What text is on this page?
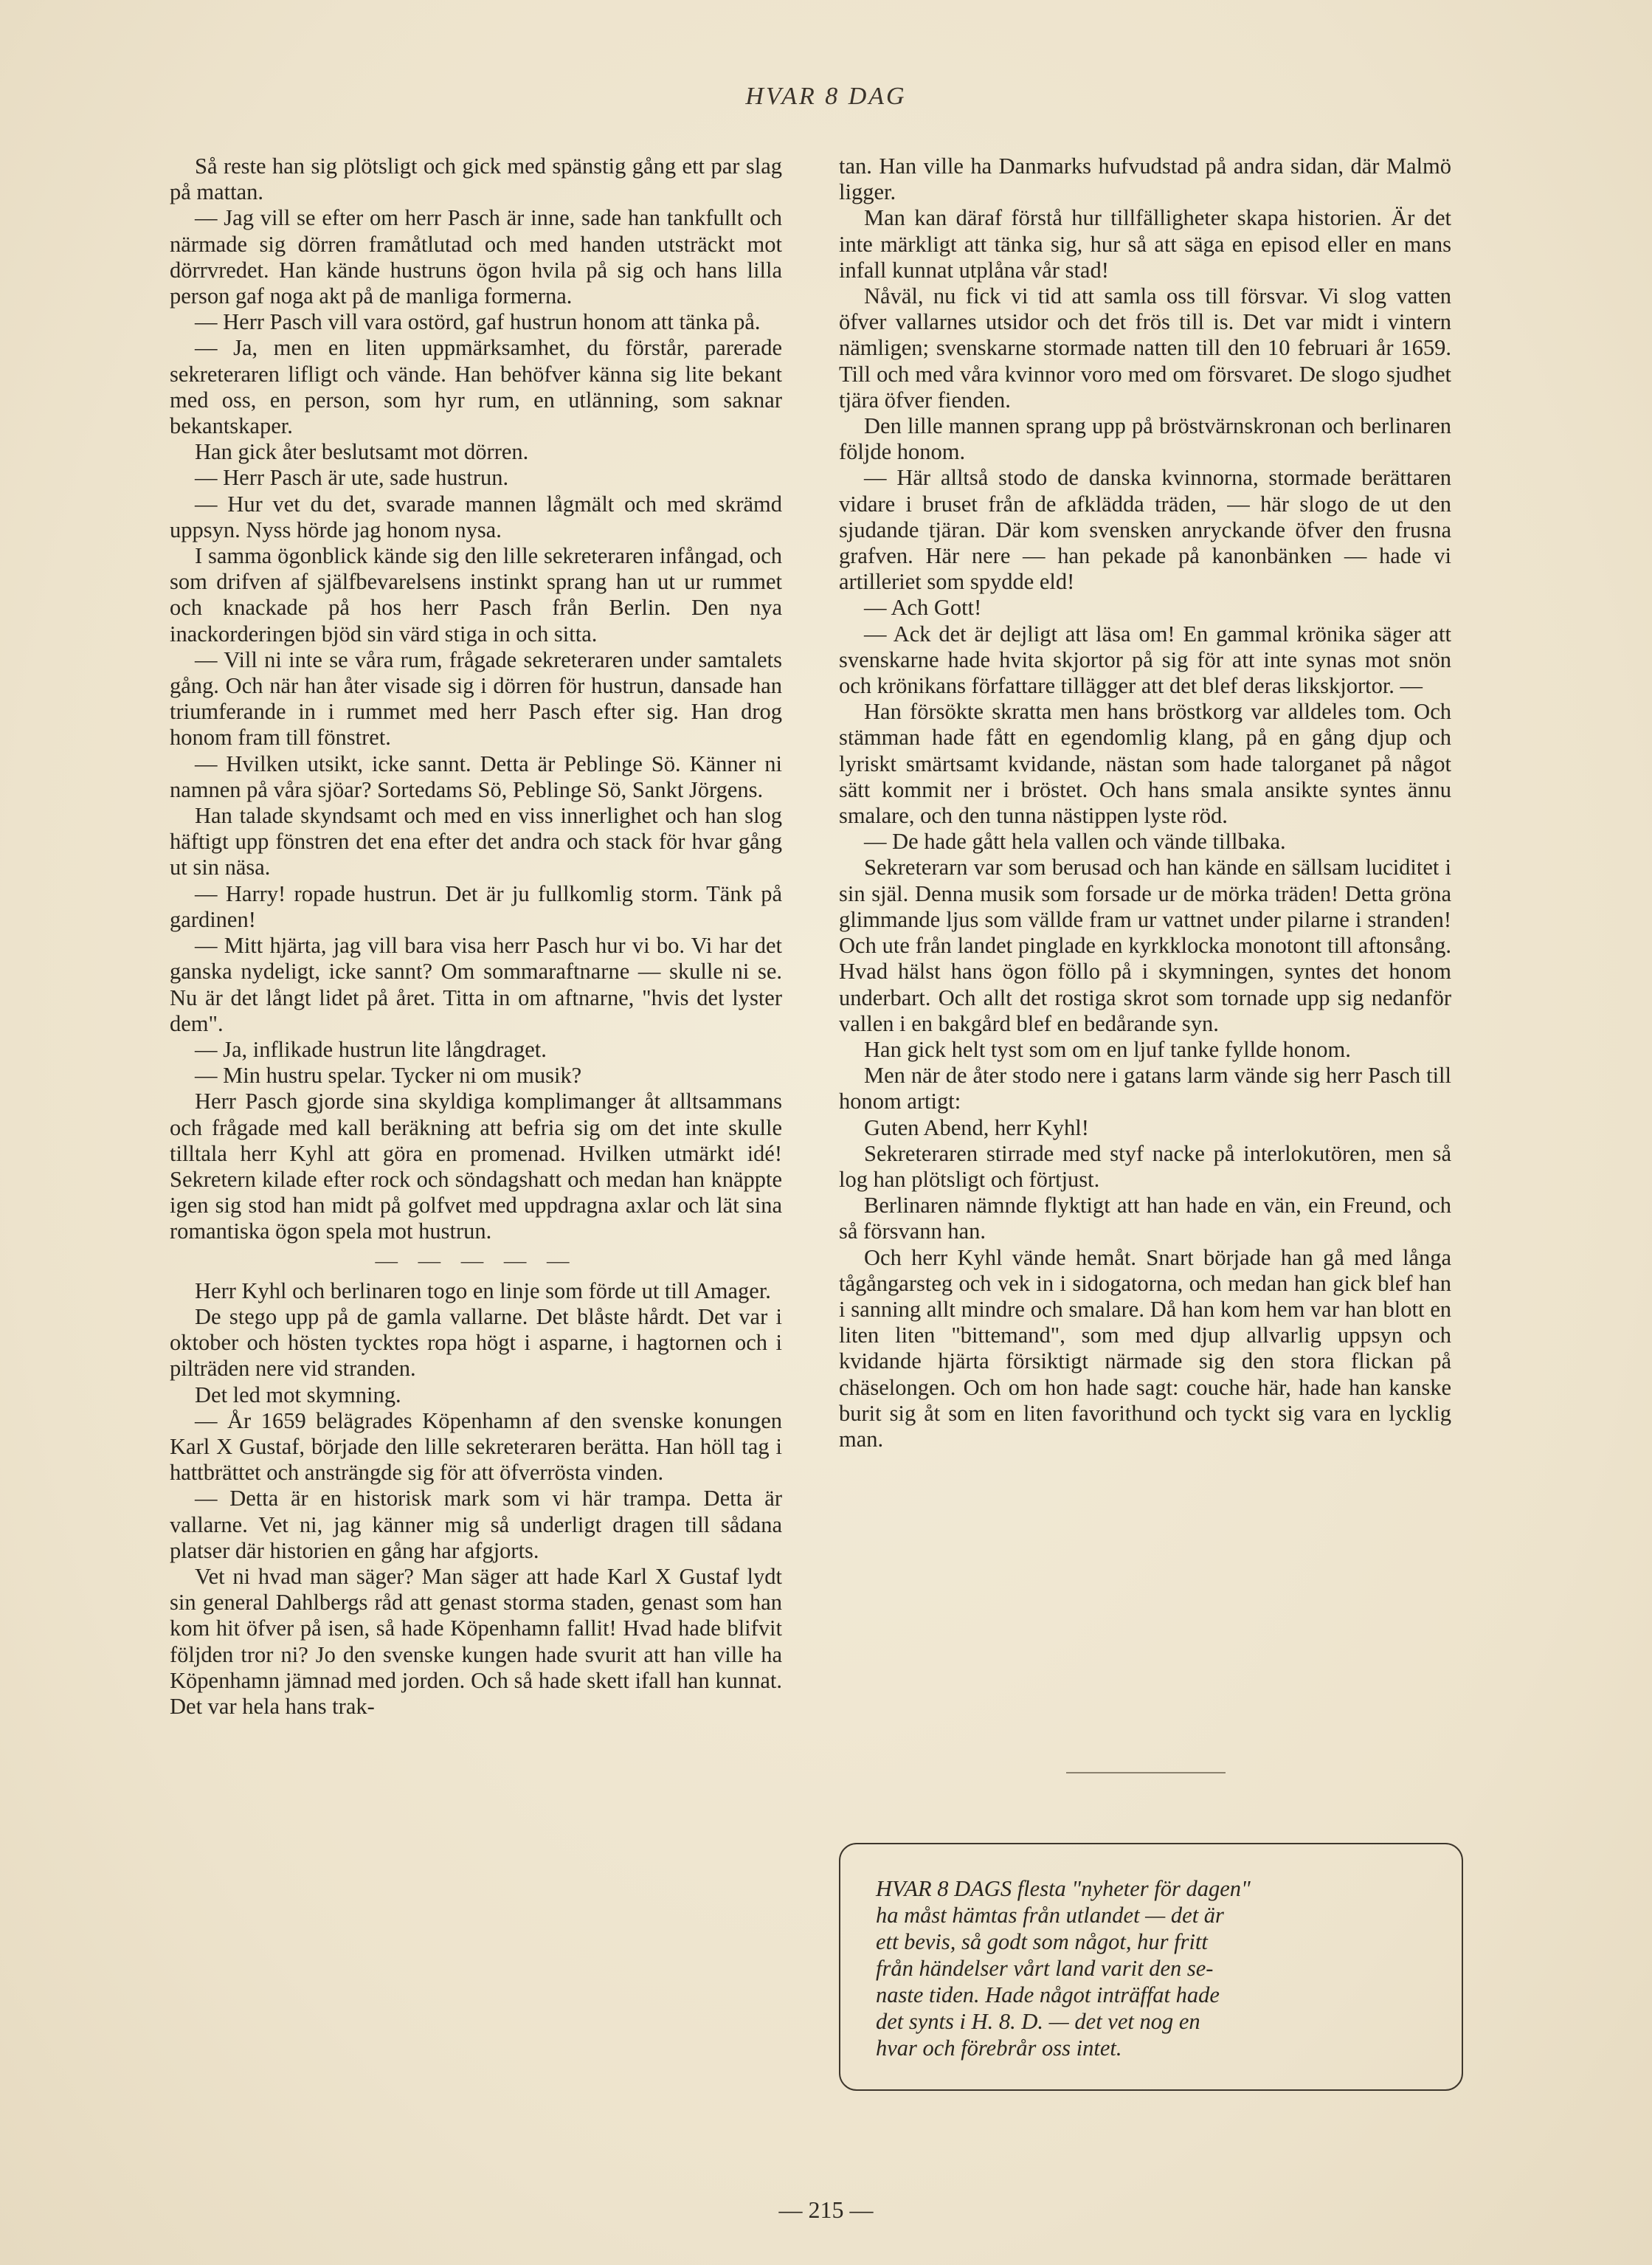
HVAR 8 DAG

Så reste han sig plötsligt och gick med spänstig gång ett par slag på mattan.

— Jag vill se efter om herr Pasch är inne, sade han tankfullt och närmade sig dörren framåtlutad och med handen utsträckt mot dörrvredet. Han kände hustruns ögon hvila på sig och hans lilla person gaf noga akt på de manliga formerna.

— Herr Pasch vill vara ostörd, gaf hustrun honom att tänka på.

— Ja, men en liten uppmärksamhet, du förstår, parerade sekreteraren lifligt och vände. Han behöfver känna sig lite bekant med oss, en person, som hyr rum, en utlänning, som saknar bekantskaper.

Han gick åter beslutsamt mot dörren.

— Herr Pasch är ute, sade hustrun.

— Hur vet du det, svarade mannen lågmält och med skrämd uppsyn. Nyss hörde jag honom nysa.

I samma ögonblick kände sig den lille sekreteraren infångad, och som drifven af själfbevarelsens instinkt sprang han ut ur rummet och knackade på hos herr Pasch från Berlin. Den nya inackorderingen bjöd sin värd stiga in och sitta.

— Vill ni inte se våra rum, frågade sekreteraren under samtalets gång. Och när han åter visade sig i dörren för hustrun, dansade han triumferande in i rummet med herr Pasch efter sig. Han drog honom fram till fönstret.

— Hvilken utsikt, icke sannt. Detta är Peblinge Sö. Känner ni namnen på våra sjöar? Sortedams Sö, Peblinge Sö, Sankt Jörgens.

Han talade skyndsamt och med en viss innerlighet och han slog häftigt upp fönstren det ena efter det andra och stack för hvar gång ut sin näsa.

— Harry! ropade hustrun. Det är ju fullkomlig storm. Tänk på gardinen!

— Mitt hjärta, jag vill bara visa herr Pasch hur vi bo. Vi har det ganska nydeligt, icke sannt? Om sommaraftnarne — skulle ni se. Nu är det långt lidet på året. Titta in om aftnarne, "hvis det lyster dem".

— Ja, inflikade hustrun lite långdraget.

— Min hustru spelar. Tycker ni om musik?

Herr Pasch gjorde sina skyldiga komplimanger åt alltsammans och frågade med kall beräkning att befria sig om det inte skulle tilltala herr Kyhl att göra en promenad. Hvilken utmärkt idé! Sekretern kilade efter rock och söndagshatt och medan han knäppte igen sig stod han midt på golfvet med uppdragna axlar och lät sina romantiska ögon spela mot hustrun.

— — — — —

Herr Kyhl och berlinaren togo en linje som förde ut till Amager.

De stego upp på de gamla vallarne. Det blåste hårdt. Det var i oktober och hösten tycktes ropa högt i asparne, i hagtornen och i pilträden nere vid stranden.

Det led mot skymning.

— År 1659 belägrades Köpenhamn af den svenske konungen Karl X Gustaf, började den lille sekreteraren berätta. Han höll tag i hattbrättet och ansträngde sig för att öfverrösta vinden.

— Detta är en historisk mark som vi här trampa. Detta är vallarne. Vet ni, jag känner mig så underligt dragen till sådana platser där historien en gång har afgjorts.

Vet ni hvad man säger? Man säger att hade Karl X Gustaf lydt sin general Dahlbergs råd att genast storma staden, genast som han kom hit öfver på isen, så hade Köpenhamn fallit! Hvad hade blifvit följden tror ni? Jo den svenske kungen hade svurit att han ville ha Köpenhamn jämnad med jorden. Och så hade skett ifall han kunnat. Det var hela hans trak-

tan. Han ville ha Danmarks hufvudstad på andra sidan, där Malmö ligger.

Man kan däraf förstå hur tillfälligheter skapa historien. Är det inte märkligt att tänka sig, hur så att säga en episod eller en mans infall kunnat utplåna vår stad!

Nåväl, nu fick vi tid att samla oss till försvar. Vi slog vatten öfver vallarnes utsidor och det frös till is. Det var midt i vintern nämligen; svenskarne stormade natten till den 10 februari år 1659. Till och med våra kvinnor voro med om försvaret. De slogo sjudhet tjära öfver fienden.

Den lille mannen sprang upp på bröstvärnskronan och berlinaren följde honom.

— Här alltså stodo de danska kvinnorna, stormade berättaren vidare i bruset från de afklädda träden, — här slogo de ut den sjudande tjäran. Där kom svensken anryckande öfver den frusna grafven. Här nere — han pekade på kanonbänken — hade vi artilleriet som spydde eld!

— Ach Gott!

— Ack det är dejligt att läsa om! En gammal krönika säger att svenskarne hade hvita skjortor på sig för att inte synas mot snön och krönikans författare tillägger att det blef deras likskjortor. —

Han försökte skratta men hans bröstkorg var alldeles tom. Och stämman hade fått en egendomlig klang, på en gång djup och lyriskt smärtsamt kvidande, nästan som hade talorganet på något sätt kommit ner i bröstet. Och hans smala ansikte syntes ännu smalare, och den tunna nästippen lyste röd.

— De hade gått hela vallen och vände tillbaka.

Sekreterarn var som berusad och han kände en sällsam luciditet i sin själ. Denna musik som forsade ur de mörka träden! Detta gröna glimmande ljus som vällde fram ur vattnet under pilarne i stranden! Och ute från landet pinglade en kyrkklocka monotont till aftonsång. Hvad hälst hans ögon föllo på i skymningen, syntes det honom underbart. Och allt det rostiga skrot som tornade upp sig nedanför vallen i en bakgård blef en bedårande syn.

Han gick helt tyst som om en ljuf tanke fyllde honom.

Men när de åter stodo nere i gatans larm vände sig herr Pasch till honom artigt:

Guten Abend, herr Kyhl!

Sekreteraren stirrade med styf nacke på interlokutören, men så log han plötsligt och förtjust.

Berlinaren nämnde flyktigt att han hade en vän, ein Freund, och så försvann han.

Och herr Kyhl vände hemåt. Snart började han gå med långa tågångarsteg och vek in i sidogatorna, och medan han gick blef han i sanning allt mindre och smalare. Då han kom hem var han blott en liten liten "bittemand", som med djup allvarlig uppsyn och kvidande hjärta försiktigt närmade sig den stora flickan på chäselongen. Och om hon hade sagt: couche här, hade han kanske burit sig åt som en liten favorithund och tyckt sig vara en lycklig man.

HVAR 8 DAGS flesta "nyheter för dagen"
ha måst hämtas från utlandet — det är
ett bevis, så godt som något, hur fritt
från händelser vårt land varit den se-
naste tiden. Hade något inträffat hade
det synts i H. 8. D. — det vet nog en
hvar och förebrår oss intet.
— 215 —
